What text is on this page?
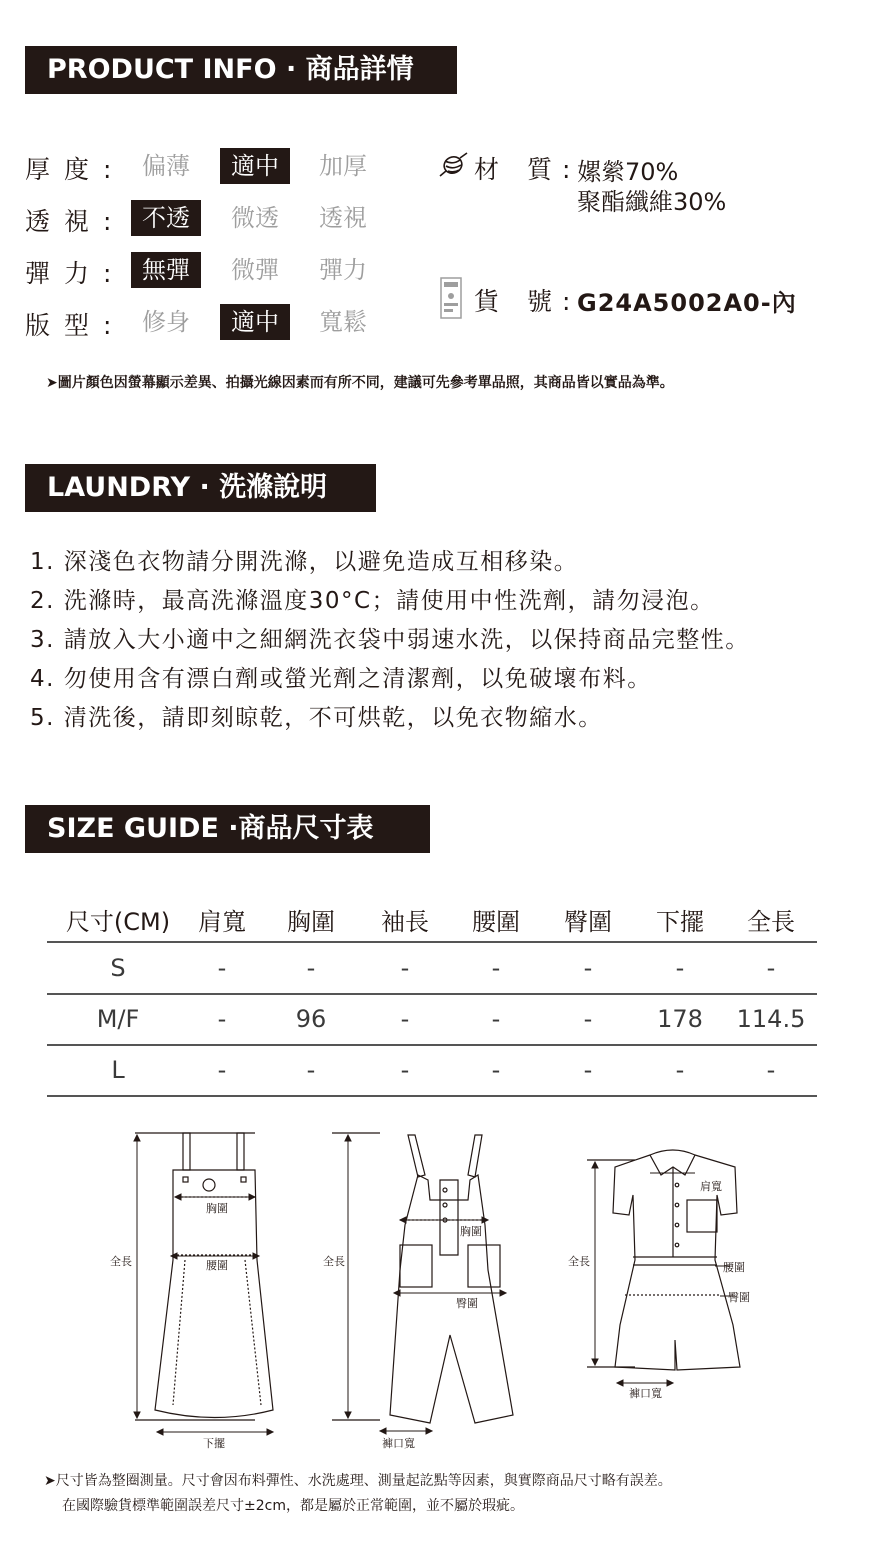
PRODUCT INFO · 商品詳情
厚度: 偏薄	適中	加厚
透視: 不透	微透	透視
彈力: 無彈	微彈	彈力
版型: 修身	適中	寬鬆
材 質:
嫘縈70%
聚酯纖維30%
貨 號:
G24A5002A0-內
➤圖片顏色因螢幕顯示差異、拍攝光線因素而有所不同，建議可先參考單品照，其商品皆以實品為準。
LAUNDRY · 洗滌說明
1. 深淺色衣物請分開洗滌，以避免造成互相移染。
2. 洗滌時，最高洗滌溫度30°C；請使用中性洗劑，請勿浸泡。
3. 請放入大小適中之細網洗衣袋中弱速水洗，以保持商品完整性。
4. 勿使用含有漂白劑或螢光劑之清潔劑，以免破壞布料。
5. 清洗後，請即刻晾乾，不可烘乾，以免衣物縮水。
SIZE GUIDE ·商品尺寸表
尺寸(CM)	肩寬	胸圍	袖長	腰圍	臀圍	下擺	全長
S	-	-	-	-	-	-	-
M/F	-	96	-	-	-	178	114.5
L	-	-	-	-	-	-	-
全長
胸圍
腰圍
下擺
全長
胸圍
臀圍
褲口寬
全長
肩寬
腰圍
臀圍
褲口寬
➤尺寸皆為整圈測量。尺寸會因布料彈性、水洗處理、測量起訖點等因素，與實際商品尺寸略有誤差。
在國際驗貨標準範圍誤差尺寸±2cm，都是屬於正常範圍，並不屬於瑕疵。
